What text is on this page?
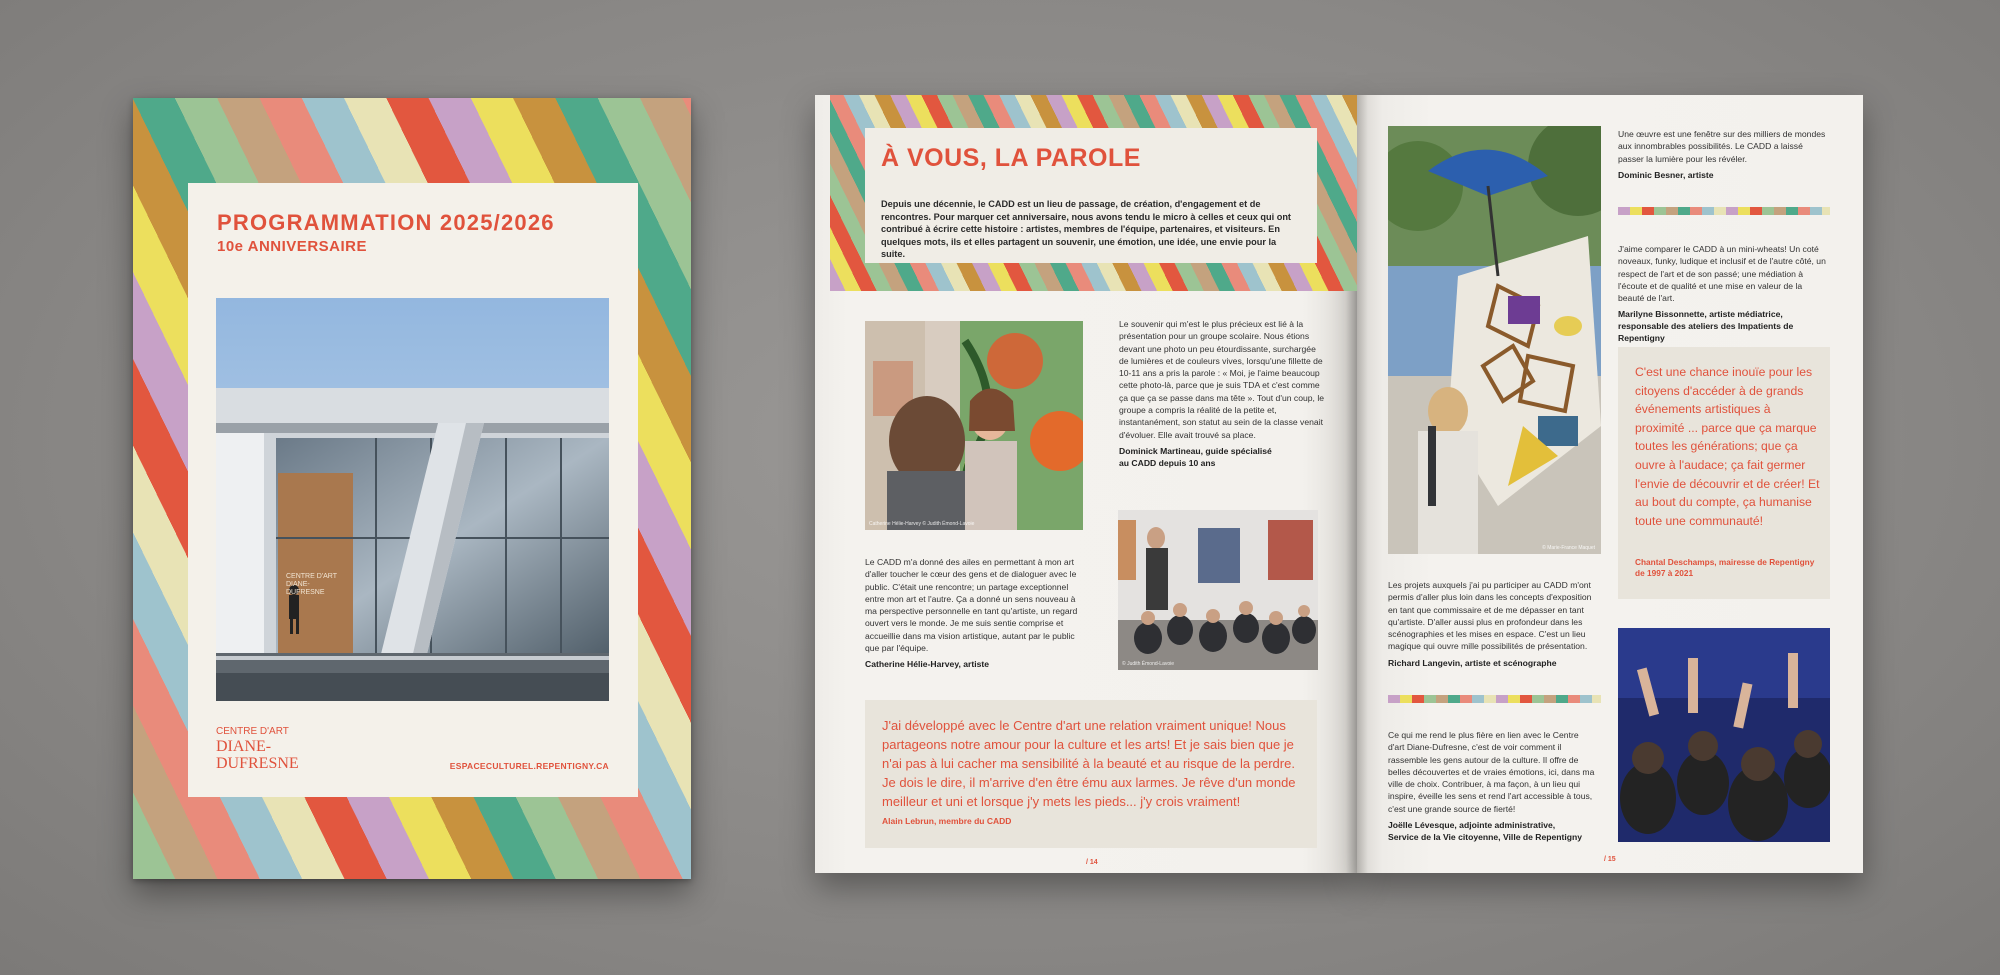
PROGRAMMATION 2025/2026
10e ANNIVERSAIRE
CENTRE D'ART DIANE-DUFRESNE
CENTRE D'ART
DIANE-
DUFRESNE	ESPACECULTUREL.REPENTIGNY.CA
À VOUS, LA PAROLE
Depuis une décennie, le CADD est un lieu de passage, de création, d'engagement et de rencontres. Pour marquer cet anniversaire, nous avons tendu le micro à celles et ceux qui ont contribué à écrire cette histoire : artistes, membres de l'équipe, partenaires, et visiteurs. En quelques mots, ils et elles partagent un souvenir, une émotion, une idée, une envie pour la suite.
Catherine Hélie-Harvey © Judith Émond-Lavoie
Le souvenir qui m'est le plus précieux est lié à la présentation pour un groupe scolaire. Nous étions devant une photo un peu étourdissante, surchargée de lumières et de couleurs vives, lorsqu'une fillette de 10-11 ans a pris la parole : « Moi, je l'aime beaucoup cette photo-là, parce que je suis TDA et c'est comme ça que ça se passe dans ma tête ». Tout d'un coup, le groupe a compris la réalité de la petite et, instantanément, son statut au sein de la classe venait d'évoluer. Elle avait trouvé sa place.
Dominick Martineau, guide spécialisé
au CADD depuis 10 ans
© Judith Émond-Lavoie
Le CADD m'a donné des ailes en permettant à mon art d'aller toucher le cœur des gens et de dialoguer avec le public. C'était une rencontre; un partage exceptionnel entre mon art et l'autre. Ça a donné un sens nouveau à ma perspective personnelle en tant qu'artiste, un regard ouvert vers le monde. Je me suis sentie comprise et accueillie dans ma vision artistique, autant par le public que par l'équipe.
Catherine Hélie-Harvey, artiste
J'ai développé avec le Centre d'art une relation vraiment unique! Nous partageons notre amour pour la culture et les arts! Et je sais bien que je n'ai pas à lui cacher ma sensibilité à la beauté et au risque de la perdre. Je dois le dire, il m'arrive d'en être ému aux larmes. Je rêve d'un monde meilleur et uni et lorsque j'y mets les pieds... j'y crois vraiment!
Alain Lebrun, membre du CADD
/ 14
© Marie-France Maquet
Une œuvre est une fenêtre sur des milliers de mondes aux innombrables possibilités. Le CADD a laissé passer la lumière pour les révéler.
Dominic Besner, artiste
J'aime comparer le CADD à un mini-wheats! Un coté noveaux, funky, ludique et inclusif et de l'autre côté, un respect de l'art et de son passé; une médiation à l'écoute et de qualité et une mise en valeur de la beauté de l'art.
Marilyne Bissonnette, artiste médiatrice, responsable des ateliers des Impatients de Repentigny
C'est une chance inouïe pour les citoyens d'accéder à de grands événements artistiques à proximité ... parce que ça marque toutes les générations; que ça ouvre à l'audace; ça fait germer l'envie de découvrir et de créer! Et au bout du compte, ça humanise toute une communauté!
Chantal Deschamps, mairesse de Repentigny de 1997 à 2021
Les projets auxquels j'ai pu participer au CADD m'ont permis d'aller plus loin dans les concepts d'exposition en tant que commissaire et de me dépasser en tant qu'artiste. D'aller aussi plus en profondeur dans les scénographies et les mises en espace. C'est un lieu magique qui ouvre mille possibilités de présentation.
Richard Langevin, artiste et scénographe
Ce qui me rend le plus fière en lien avec le Centre d'art Diane-Dufresne, c'est de voir comment il rassemble les gens autour de la culture. Il offre de belles découvertes et de vraies émotions, ici, dans ma ville de choix. Contribuer, à ma façon, à un lieu qui inspire, éveille les sens et rend l'art accessible à tous, c'est une grande source de fierté!
Joëlle Lévesque, adjointe administrative,
Service de la Vie citoyenne, Ville de Repentigny
/ 15
